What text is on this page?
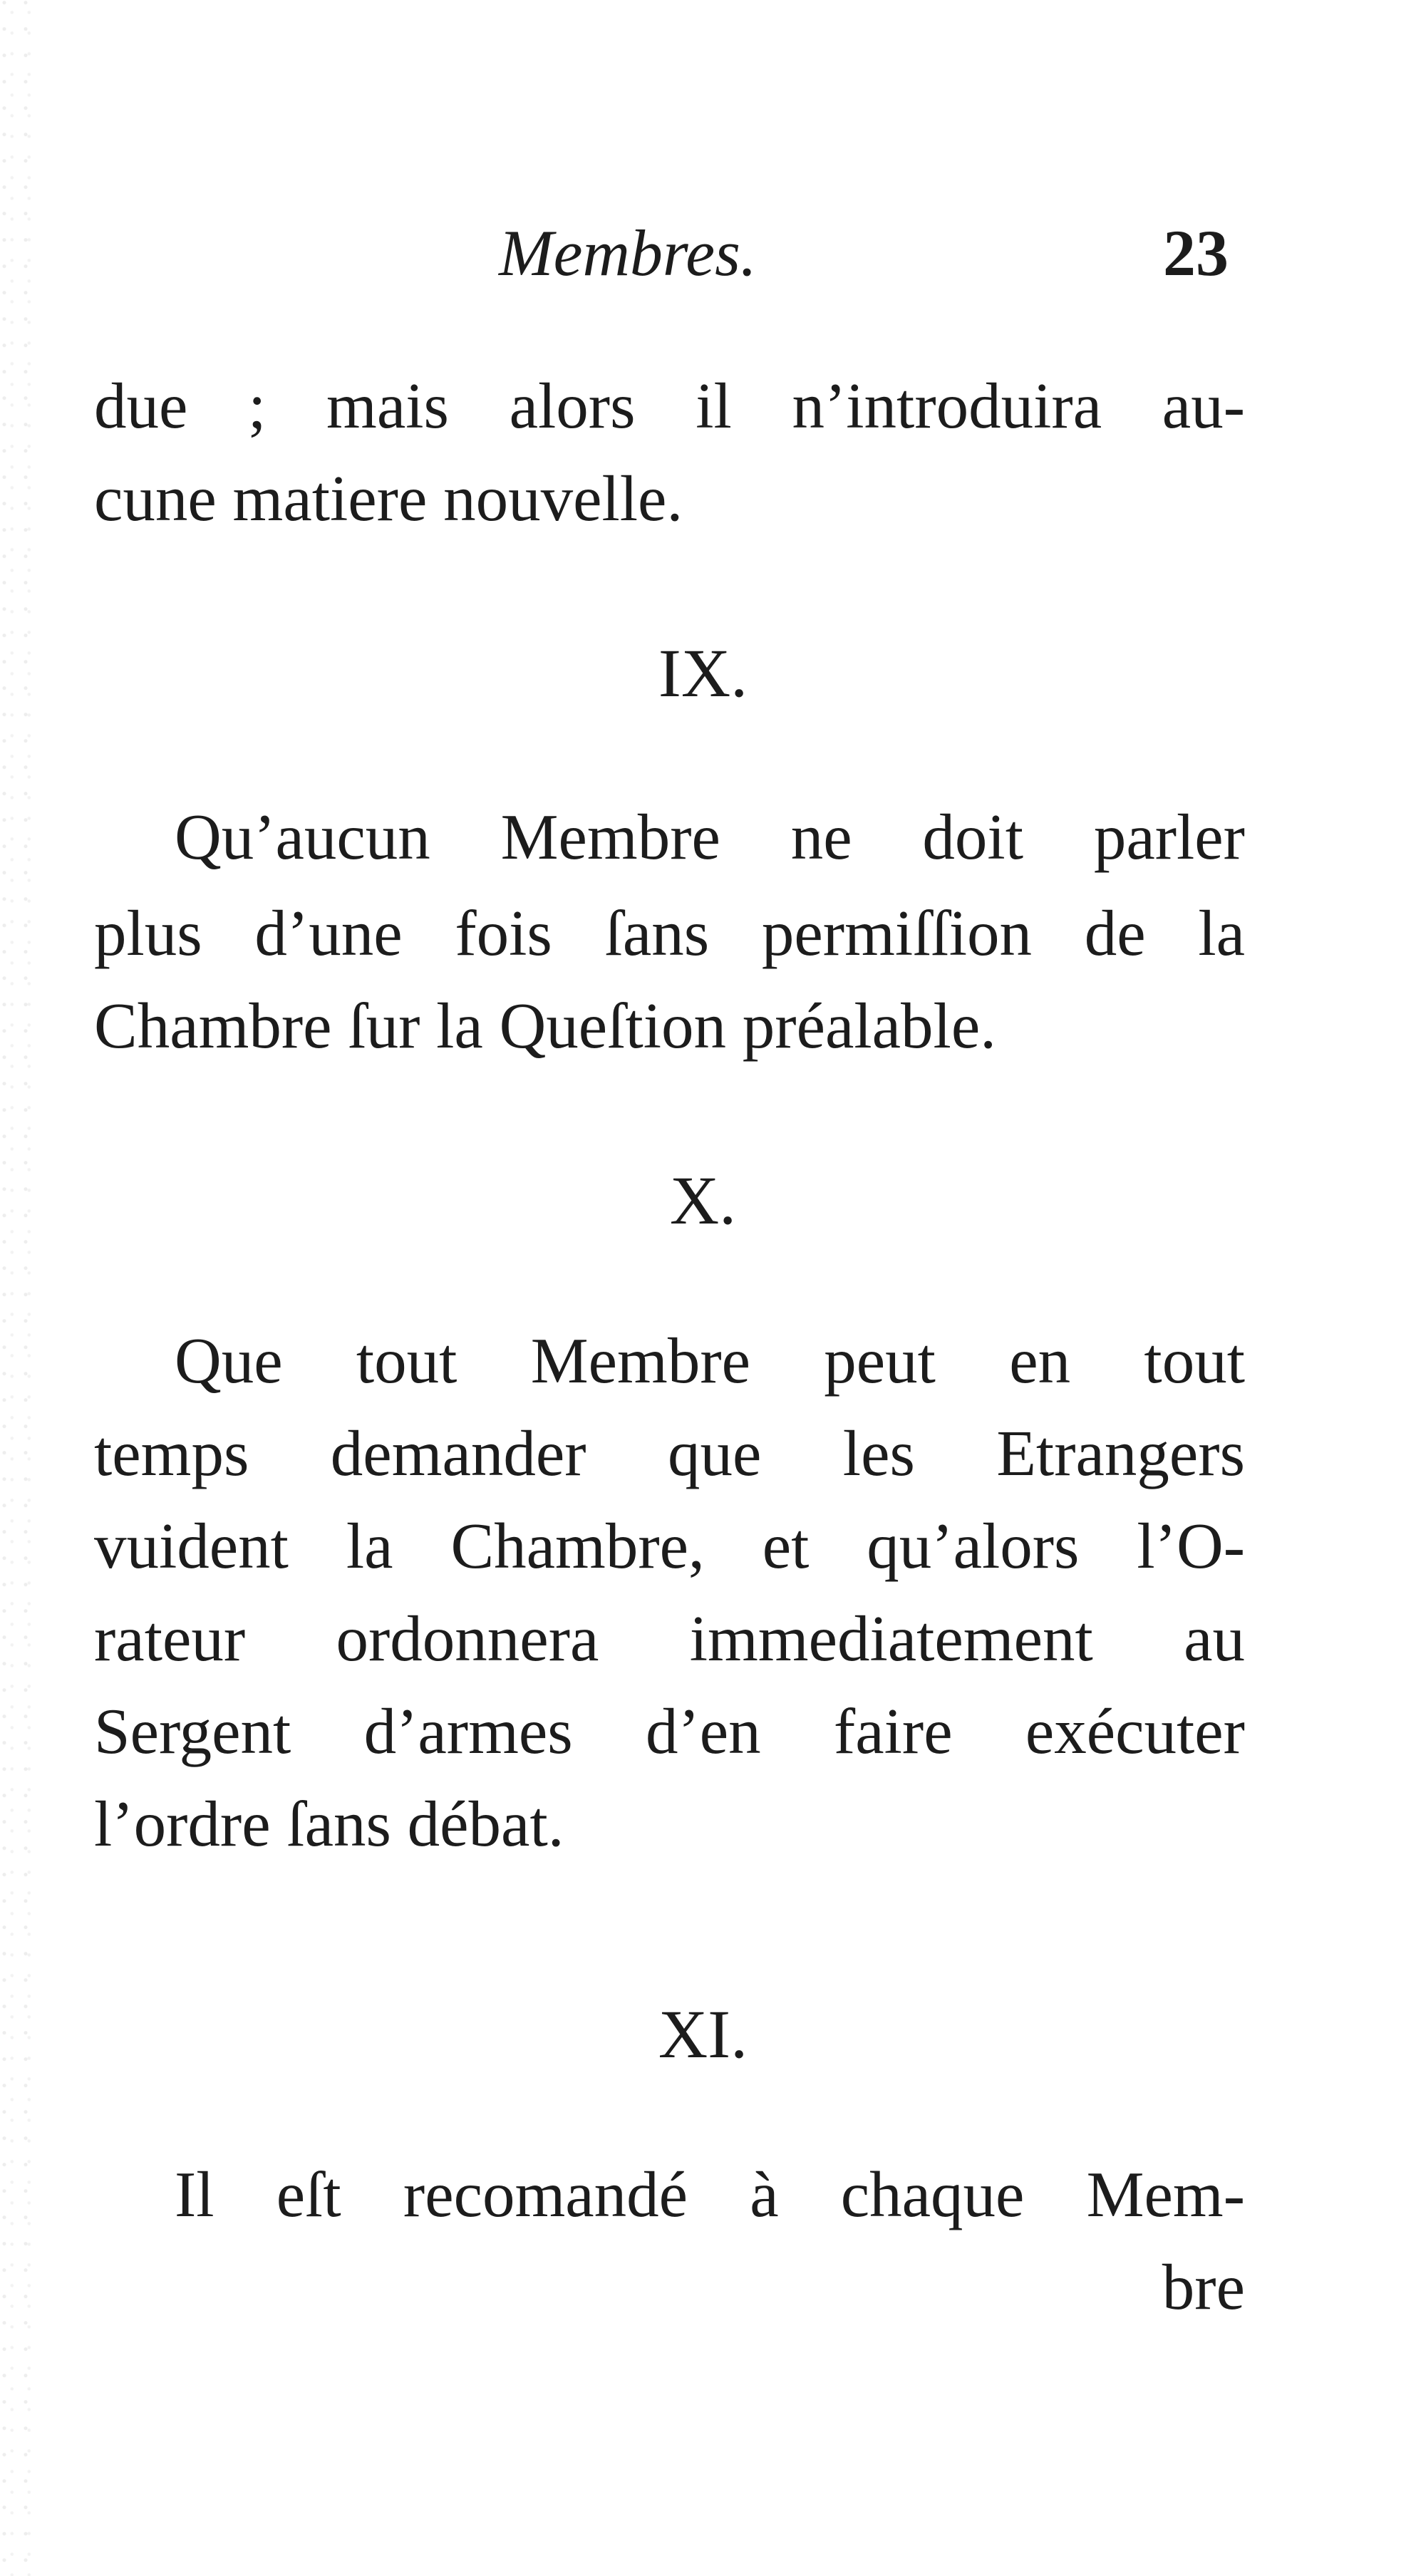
Membres.	23
due ; mais alors il n’introduira au-
cune matiere nouvelle.
IX.
Qu’aucun Membre ne doit parler
plus d’une fois ſans permiſſion de la
Chambre ſur la Queſtion préalable.
X.
Que tout Membre peut en tout
temps demander que les Etrangers
vuident la Chambre, et qu’alors l’O-
rateur ordonnera immediatement au
Sergent d’armes d’en faire exécuter
l’ordre ſans débat.
XI.
Il eſt recomandé à chaque Mem-
bre
